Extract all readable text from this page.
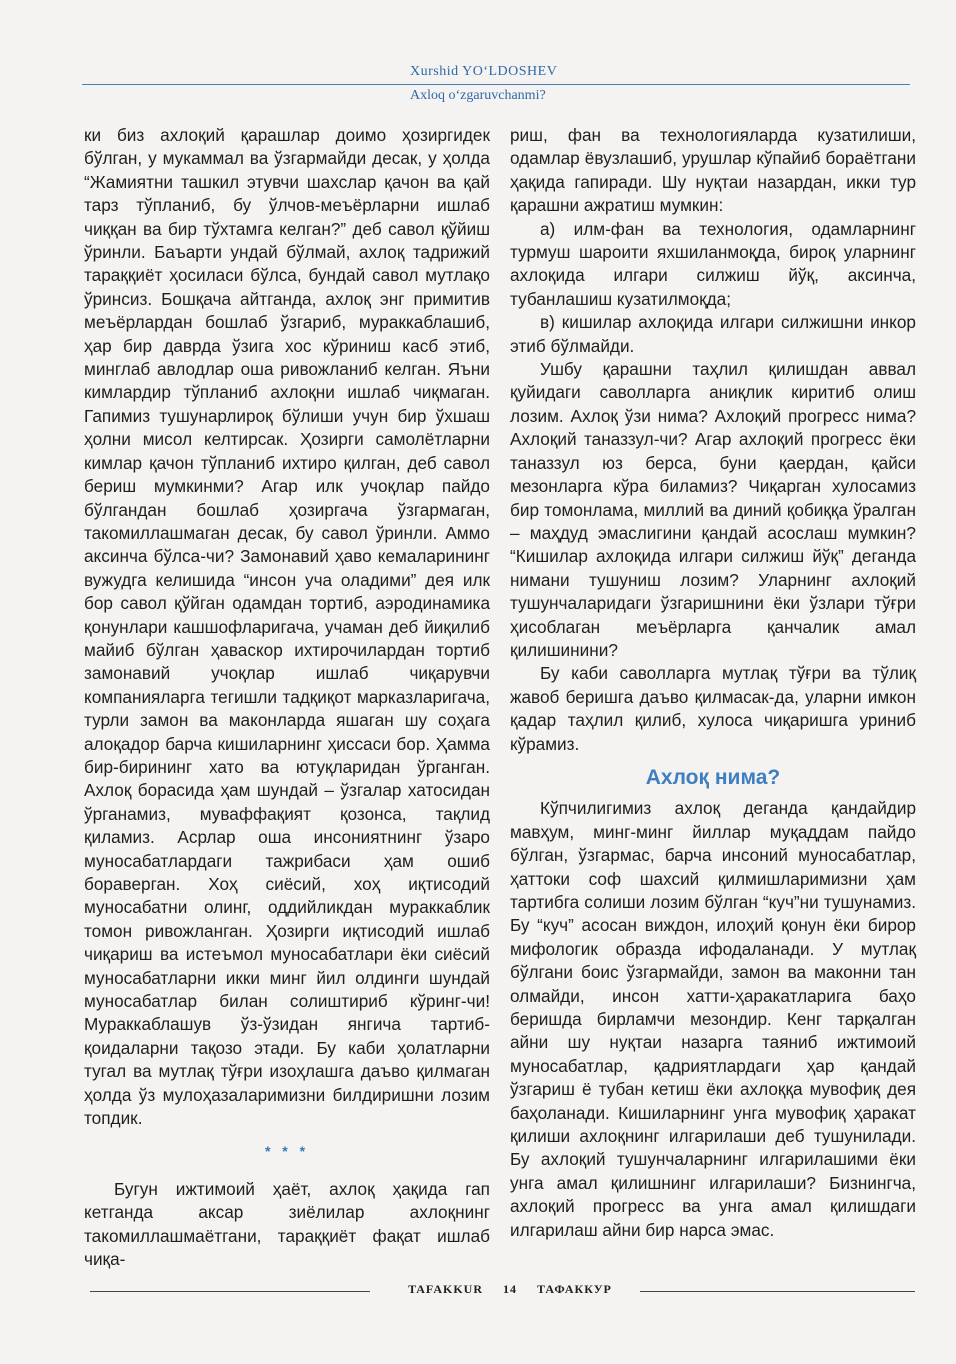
Xurshid YO‘LDOSHEV
Axloq o‘zgaruvchanmi?

ки биз ахлоқий қарашлар доимо ҳозиргидек бўлган, у мукаммал ва ўзгармайди десак, у ҳолда “Жамиятни ташкил этувчи шахслар қачон ва қай тарз тўпланиб, бу ўлчов-меъёрларни ишлаб чиққан ва бир тўхтамга келган?” деб савол қўйиш ўринли. Баъарти ундай бўлмай, ахлоқ тадрижий тараққиёт ҳосиласи бўлса, бундай савол мутлақо ўринсиз. Бошқача айтганда, ахлоқ энг примитив меъёрлардан бошлаб ўзгариб, мураккаблашиб, ҳар бир даврда ўзига хос кўриниш касб этиб, минглаб авлодлар оша ривожланиб келган. Яъни кимлардир тўпланиб ахлоқни ишлаб чиқмаган. Гапимиз тушунарлироқ бўлиши учун бир ўхшаш ҳолни мисол келтирсак. Ҳозирги самолётларни кимлар қачон тўпланиб ихтиро қилган, деб савол бериш мумкинми? Агар илк учоқлар пайдо бўлгандан бошлаб ҳозиргача ўзгармаган, такомиллашмаган десак, бу савол ўринли. Аммо аксинча бўлса-чи? Замонавий ҳаво кемаларининг вужудга келишида “инсон уча оладими” дея илк бор савол қўйган одамдан тортиб, аэродинамика қонунлари кашшофларигача, учаман деб йиқилиб майиб бўлган ҳаваскор ихтирочилардан тортиб замонавий учоқлар ишлаб чиқарувчи компанияларга тегишли тадқиқот марказларигача, турли замон ва маконларда яшаган шу соҳага алоқадор барча кишиларнинг ҳиссаси бор. Ҳамма бир-бирининг хато ва ютуқларидан ўрганган. Ахлоқ борасида ҳам шундай – ўзгалар хатосидан ўрганамиз, муваффақият қозонса, тақлид қиламиз. Асрлар оша инсониятнинг ўзаро муносабатлардаги тажрибаси ҳам ошиб бораверган. Хоҳ сиёсий, хоҳ иқтисодий муносабатни олинг, оддийликдан мураккаблик томон ривожланган. Ҳозирги иқтисодий ишлаб чиқариш ва истеъмол муносабатлари ёки сиёсий муносабатларни икки минг йил олдинги шундай муносабатлар билан солиштириб кўринг-чи! Мураккаблашув ўз-ўзидан янгича тартиб-қоидаларни тақозо этади. Бу каби ҳолатларни тугал ва мутлақ тўғри изоҳлашга даъво қилмаган ҳолда ўз мулоҳазаларимизни билдиришни лозим топдик.

* * *

Бугун ижтимоий ҳаёт, ахлоқ ҳақида гап кетганда аксар зиёлилар ахлоқнинг такомиллашмаётгани, тараққиёт фақат ишлаб чиқа-

риш, фан ва технологияларда кузатилиши, одамлар ёвузлашиб, урушлар кўпайиб бораётгани ҳақида гапиради. Шу нуқтаи назардан, икки тур қарашни ажратиш мумкин:

а) илм-фан ва технология, одамларнинг турмуш шароити яхшиланмоқда, бироқ уларнинг ахлоқида илгари силжиш йўқ, аксинча, тубанлашиш кузатилмоқда;

в) кишилар ахлоқида илгари силжишни инкор этиб бўлмайди.

Ушбу қарашни таҳлил қилишдан аввал қуйидаги саволларга аниқлик киритиб олиш лозим. Ахлоқ ўзи нима? Ахлоқий прогресс нима? Ахлоқий таназзул-чи? Агар ахлоқий прогресс ёки таназзул юз берса, буни қаердан, қайси мезонларга кўра биламиз? Чиқарган хулосамиз бир томонлама, миллий ва диний қобиққа ўралган – маҳдуд эмаслигини қандай асослаш мумкин? “Кишилар ахлоқида илгари силжиш йўқ” деганда нимани тушуниш лозим? Уларнинг ахлоқий тушунчаларидаги ўзгаришнини ёки ўзлари тўғри ҳисоблаган меъёрларга қанчалик амал қилишинини?

Бу каби саволларга мутлақ тўғри ва тўлиқ жавоб беришга даъво қилмасак-да, уларни имкон қадар таҳлил қилиб, хулоса чиқаришга уриниб кўрамиз.

Ахлоқ нима?

Кўпчилигимиз ахлоқ деганда қандайдир мавҳум, минг-минг йиллар муқаддам пайдо бўлган, ўзгармас, барча инсоний муносабатлар, ҳаттоки соф шахсий қилмишларимизни ҳам тартибга солиши лозим бўлган “куч”ни тушунамиз. Бу “куч” асосан виждон, илоҳий қонун ёки бирор мифологик образда ифодаланади. У мутлақ бўлгани боис ўзгармайди, замон ва маконни тан олмайди, инсон хатти-ҳаракатларига баҳо беришда бирламчи мезондир. Кенг тарқалган айни шу нуқтаи назарга таяниб ижтимоий муносабатлар, қадриятлардаги ҳар қандай ўзгариш ё тубан кетиш ёки ахлоққа мувофиқ дея баҳоланади. Кишиларнинг унга мувофиқ ҳаракат қилиши ахлоқнинг илгарилаши деб тушунилади. Бу ахлоқий тушунчаларнинг илгарилашими ёки унга амал қилишнинг илгарилаши? Бизнингча, ахлоқий прогресс ва унга амал қилишдаги илгарилаш айни бир нарса эмас.

TAFAKKUR 14 ТАФАККУР
